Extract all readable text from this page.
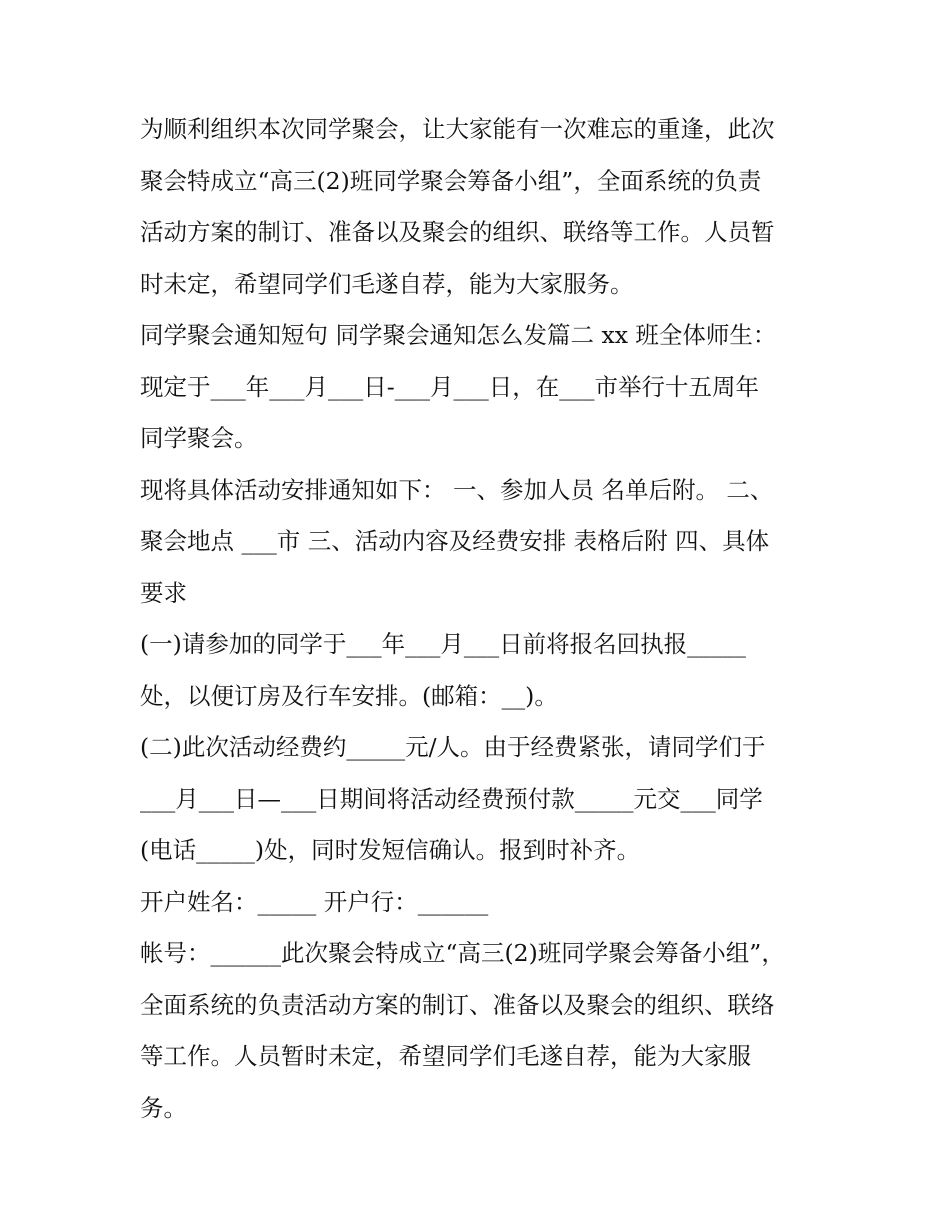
为顺利组织本次同学聚会，让大家能有一次难忘的重逢，此次
聚会特成立“高三(2)班同学聚会筹备小组”，全面系统的负责
活动方案的制订、准备以及聚会的组织、联络等工作。人员暂
时未定，希望同学们毛遂自荐，能为大家服务。
同学聚会通知短句 同学聚会通知怎么发篇二 xx 班全体师生：
现定于___年___月___日-___月___日，在___市举行十五周年
同学聚会。
现将具体活动安排通知如下： 一、参加人员 名单后附。 二、
聚会地点 ___市 三、活动内容及经费安排 表格后附 四、具体
要求
(一)请参加的同学于___年___月___日前将报名回执报_____
处，以便订房及行车安排。(邮箱：__)。
(二)此次活动经费约_____元/人。由于经费紧张，请同学们于
___月___日—___日期间将活动经费预付款_____元交___同学
(电话_____)处，同时发短信确认。报到时补齐。
开户姓名：_____ 开户行：______
帐号：______此次聚会特成立“高三(2)班同学聚会筹备小组”，
全面系统的负责活动方案的制订、准备以及聚会的组织、联络
等工作。人员暂时未定，希望同学们毛遂自荐，能为大家服
务。
